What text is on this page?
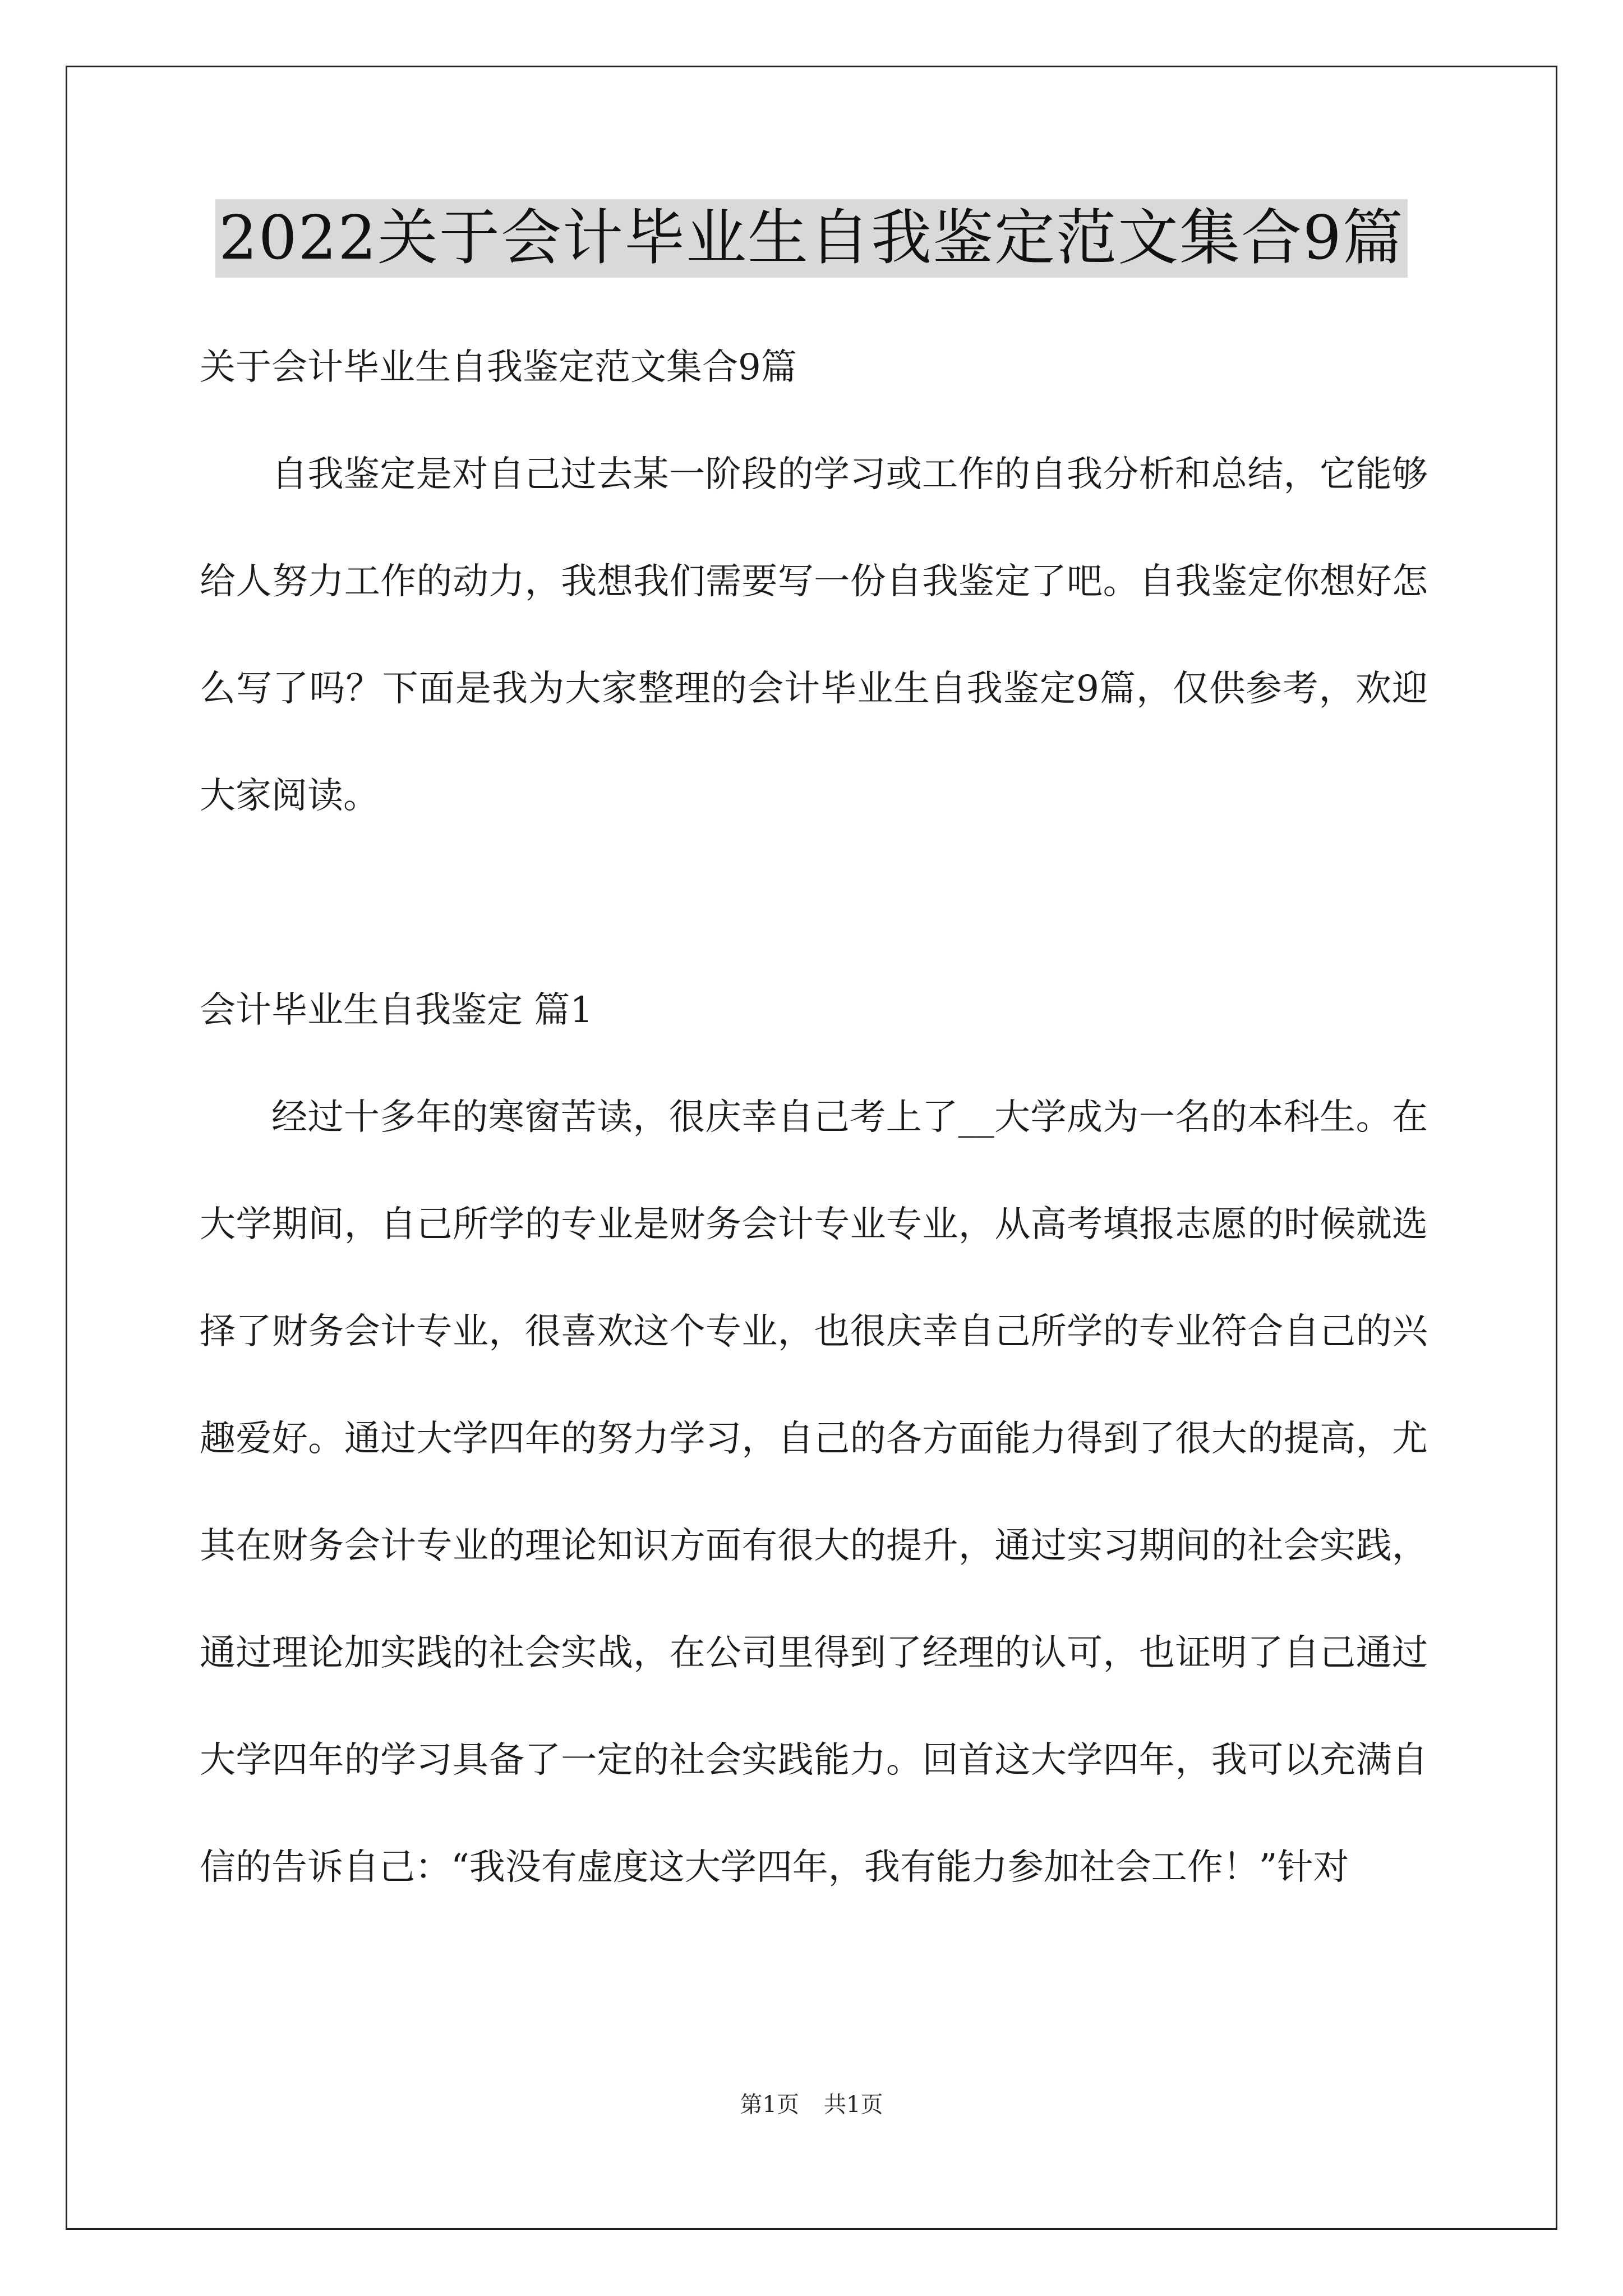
2022关于会计毕业生自我鉴定范文集合9篇

关于会计毕业生自我鉴定范文集合9篇

自我鉴定是对自己过去某一阶段的学习或工作的自我分析和总结，它能够给人努力工作的动力，我想我们需要写一份自我鉴定了吧。自我鉴定你想好怎么写了吗？下面是我为大家整理的会计毕业生自我鉴定9篇，仅供参考，欢迎大家阅读。

会计毕业生自我鉴定 篇1

经过十多年的寒窗苦读，很庆幸自己考上了__大学成为一名的本科生。在大学期间，自己所学的专业是财务会计专业专业，从高考填报志愿的时候就选择了财务会计专业，很喜欢这个专业，也很庆幸自己所学的专业符合自己的兴趣爱好。通过大学四年的努力学习，自己的各方面能力得到了很大的提高，尤其在财务会计专业的理论知识方面有很大的提升，通过实习期间的社会实践，通过理论加实践的社会实战，在公司里得到了经理的认可，也证明了自己通过大学四年的学习具备了一定的社会实践能力。回首这大学四年，我可以充满自信的告诉自己：“我没有虚度这大学四年，我有能力参加社会工作！”针对

第1页 共1页
